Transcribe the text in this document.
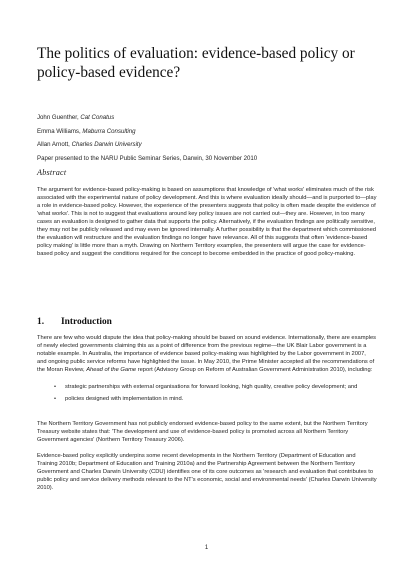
The politics of evaluation: evidence-based policy or policy-based evidence?
John Guenther, Cat Conatus
Emma Williams, Maburra Consulting
Allan Arnott, Charles Darwin University
Paper presented to the NARU Public Seminar Series, Darwin, 30 November 2010
Abstract
The argument for evidence-based policy-making is based on assumptions that knowledge of 'what works' eliminates much of the risk associated with the experimental nature of policy development. And this is where evaluation ideally should—and is purported to—play a role in evidence-based policy. However, the experience of the presenters suggests that policy is often made despite the evidence of 'what works'. This is not to suggest that evaluations around key policy issues are not carried out—they are. However, in too many cases an evaluation is designed to gather data that supports the policy. Alternatively, if the evaluation findings are politically sensitive, they may not be publicly released and may even be ignored internally. A further possibility is that the department which commissioned the evaluation will restructure and the evaluation findings no longer have relevance. All of this suggests that often 'evidence-based policy making' is little more than a myth. Drawing on Northern Territory examples, the presenters will argue the case for evidence-based policy and suggest the conditions required for the concept to become embedded in the practice of good policy-making.
1. Introduction
There are few who would dispute the idea that policy-making should be based on sound evidence. Internationally, there are examples of newly elected governments claiming this as a point of difference from the previous regime—the UK Blair Labor government is a notable example. In Australia, the importance of evidence based policy-making was highlighted by the Labor government in 2007, and ongoing public service reforms have highlighted the issue. In May 2010, the Prime Minister accepted all the recommendations of the Moran Review, Ahead of the Game report (Advisory Group on Reform of Australian Government Administration 2010), including:
• strategic partnerships with external organisations for forward looking, high quality, creative policy development; and
• policies designed with implementation in mind.
The Northern Territory Government has not publicly endorsed evidence-based policy to the same extent, but the Northern Territory Treasury website states that: 'The development and use of evidence-based policy is promoted across all Northern Territory Government agencies' (Northern Territory Treasury 2006).
Evidence-based policy explicitly underpins some recent developments in the Northern Territory (Department of Education and Training 2010b; Department of Education and Training 2010a) and the Partnership Agreement between the Northern Territory Government and Charles Darwin University (CDU) identifies one of its core outcomes as 'research and evaluation that contributes to public policy and service delivery methods relevant to the NT's economic, social and environmental needs' (Charles Darwin University 2010).
1
